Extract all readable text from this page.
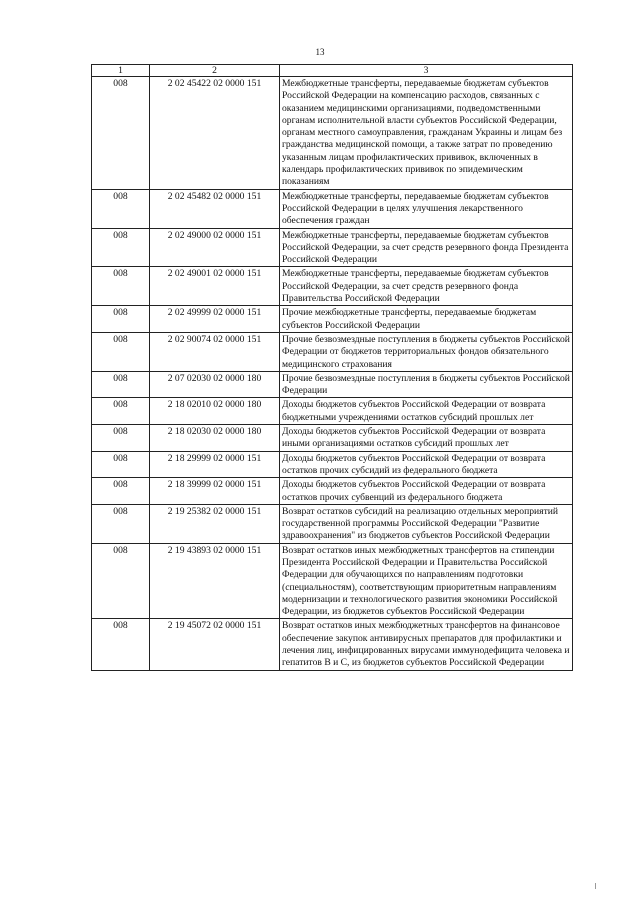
13
1	2	3
008	2 02 45422 02 0000 151	Межбюджетные трансферты, передаваемые бюджетам субъектов Российской Федерации на компенсацию расходов, связанных с оказанием медицинскими организациями, подведомственными органам исполнительной власти субъектов Российской Федерации, органам местного самоуправления, гражданам Украины и лицам без гражданства медицинской помощи, а также затрат по проведению указанным лицам профилактических прививок, включенных в календарь профилактических прививок по эпидемическим показаниям
008	2 02 45482 02 0000 151	Межбюджетные трансферты, передаваемые бюджетам субъектов Российской Федерации в целях улучшения лекарственного обеспечения граждан
008	2 02 49000 02 0000 151	Межбюджетные трансферты, передаваемые бюджетам субъектов Российской Федерации, за счет средств резервного фонда Президента Российской Федерации
008	2 02 49001 02 0000 151	Межбюджетные трансферты, передаваемые бюджетам субъектов Российской Федерации, за счет средств резервного фонда Правительства Российской Федерации
008	2 02 49999 02 0000 151	Прочие межбюджетные трансферты, передаваемые бюджетам субъектов Российской Федерации
008	2 02 90074 02 0000 151	Прочие безвозмездные поступления в бюджеты субъектов Российской Федерации от бюджетов территориальных фондов обязательного медицинского страхования
008	2 07 02030 02 0000 180	Прочие безвозмездные поступления в бюджеты субъектов Российской Федерации
008	2 18 02010 02 0000 180	Доходы бюджетов субъектов Российской Федерации от возврата бюджетными учреждениями остатков субсидий прошлых лет
008	2 18 02030 02 0000 180	Доходы бюджетов субъектов Российской Федерации от возврата иными организациями остатков субсидий прошлых лет
008	2 18 29999 02 0000 151	Доходы бюджетов субъектов Российской Федерации от возврата остатков прочих субсидий из федерального бюджета
008	2 18 39999 02 0000 151	Доходы бюджетов субъектов Российской Федерации от возврата остатков прочих субвенций из федерального бюджета
008	2 19 25382 02 0000 151	Возврат остатков субсидий на реализацию отдельных мероприятий государственной программы Российской Федерации "Развитие здравоохранения" из бюджетов субъектов Российской Федерации
008	2 19 43893 02 0000 151	Возврат остатков иных межбюджетных трансфертов на стипендии Президента Российской Федерации и Правительства Российской Федерации для обучающихся по направлениям подготовки (специальностям), соответствующим приоритетным направлениям модернизации и технологического развития экономики Российской Федерации, из бюджетов субъектов Российской Федерации
008	2 19 45072 02 0000 151	Возврат остатков иных межбюджетных трансфертов на финансовое обеспечение закупок антивирусных препаратов для профилактики и лечения лиц, инфицированных вирусами иммунодефицита человека и гепатитов В и С, из бюджетов субъектов Российской Федерации
